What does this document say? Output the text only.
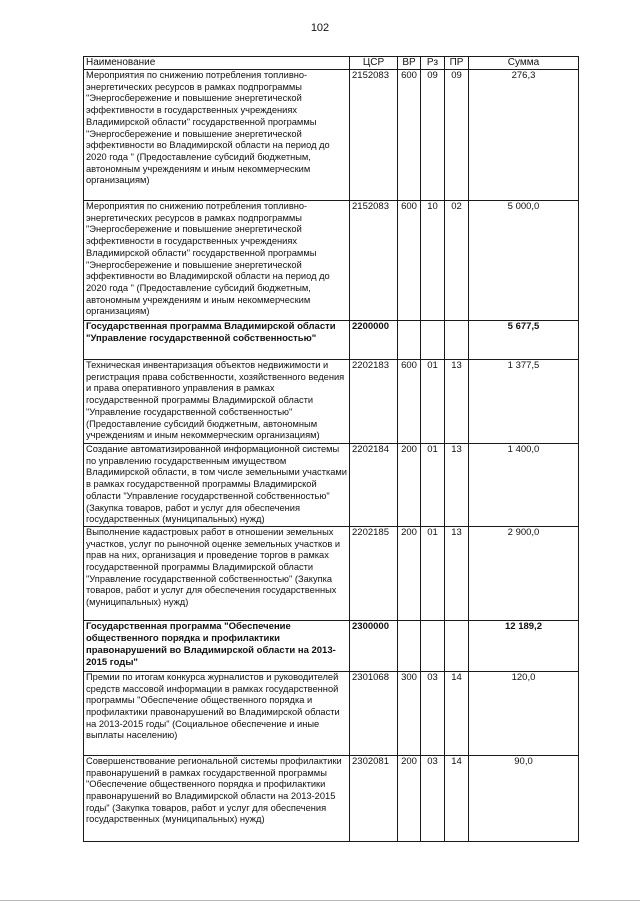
102
Наименование	ЦСР	ВР	Рз	ПР	Сумма
Мероприятия по снижению потребления топливно-энергетических ресурсов в рамках подпрограммы "Энергосбережение и повышение энергетической эффективности в государственных учреждениях Владимирской области" государственной программы "Энергосбережение и повышение энергетической эффективности во Владимирской области на период до 2020 года " (Предоставление субсидий бюджетным, автономным учреждениям и иным некоммерческим организациям)	2152083	600	09	09	276,3
Мероприятия по снижению потребления топливно-энергетических ресурсов в рамках подпрограммы "Энергосбережение и повышение энергетической эффективности в государственных учреждениях Владимирской области" государственной программы "Энергосбережение и повышение энергетической эффективности во Владимирской области на период до 2020 года " (Предоставление субсидий бюджетным, автономным учреждениям и иным некоммерческим организациям)	2152083	600	10	02	5 000,0
Государственная программа Владимирской области "Управление государственной собственностью"	2200000				5 677,5
Техническая инвентаризация объектов недвижимости и регистрация права собственности, хозяйственного ведения и права оперативного управления в рамках государственной программы Владимирской области "Управление государственной собственностью" (Предоставление субсидий бюджетным, автономным учреждениям и иным некоммерческим организациям)	2202183	600	01	13	1 377,5
Создание автоматизированной информационной системы по управлению государственным имуществом Владимирской области, в том числе земельными участками в рамках государственной программы Владимирской области "Управление государственной собственностью" (Закупка товаров, работ и услуг для обеспечения государственных (муниципальных) нужд)	2202184	200	01	13	1 400,0
Выполнение кадастровых работ в отношении земельных участков, услуг по рыночной оценке земельных участков и прав на них, организация и проведение торгов в рамках государственной программы Владимирской области "Управление государственной собственностью" (Закупка товаров, работ и услуг для обеспечения государственных (муниципальных) нужд)	2202185	200	01	13	2 900,0
Государственная программа "Обеспечение общественного порядка и профилактики правонарушений во Владимирской области на 2013-2015 годы"	2300000				12 189,2
Премии по итогам конкурса журналистов и руководителей средств массовой информации в рамках государственной программы "Обеспечение общественного порядка и профилактики правонарушений во Владимирской области на 2013-2015 годы" (Социальное обеспечение и иные выплаты населению)	2301068	300	03	14	120,0
Совершенствование региональной системы профилактики правонарушений в рамках государственной программы "Обеспечение общественного порядка и профилактики правонарушений во Владимирской области на 2013-2015 годы" (Закупка товаров, работ и услуг для обеспечения государственных (муниципальных) нужд)	2302081	200	03	14	90,0
